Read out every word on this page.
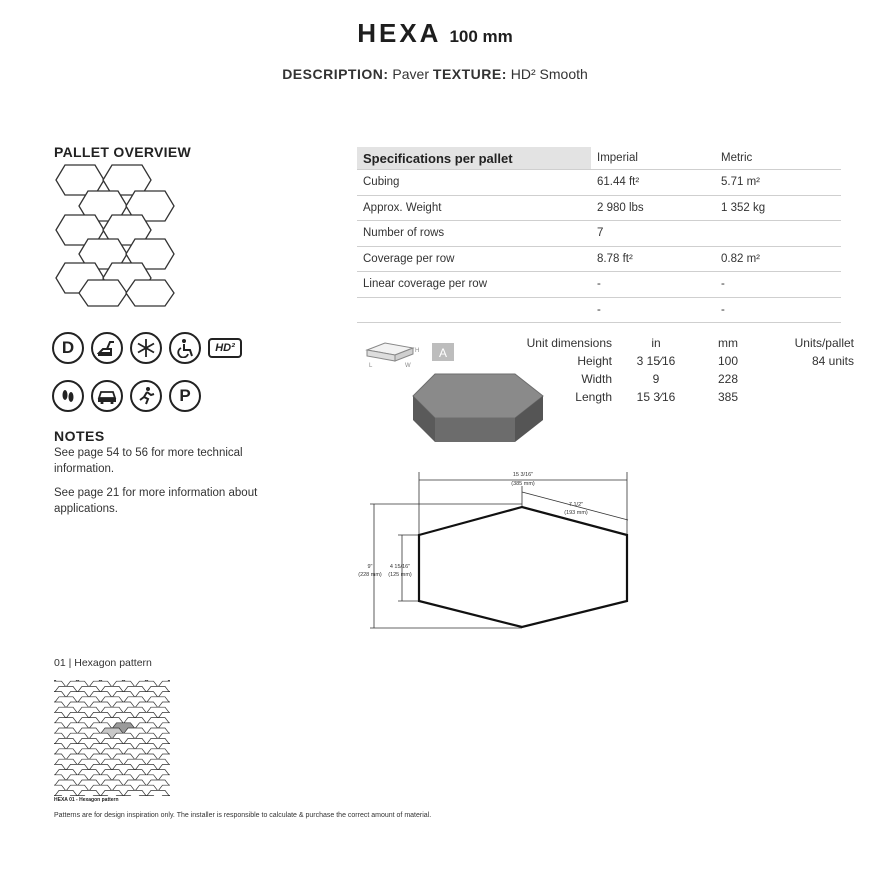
HEXA 100 mm
DESCRIPTION: Paver TEXTURE: HD² Smooth
PALLET OVERVIEW
D	HD²
P
NOTES
See page 54 to 56 for more technical information.
See page 21 for more information about applications.
Specifications per pallet	Imperial	Metric
Cubing	61.44 ft²	5.71 m²
Approx. Weight	2 980 lbs	1 352 kg
Number of rows	7	
Coverage per row	8.78 ft²	0.82 m²
Linear coverage per row	-	-
	-	-
H
L	W
A
Unit dimensions	in	mm	Units/pallet
Height	3 15⁄16	100	84 units
Width	9	228	
Length	15 3⁄16	385	
15 3/16"
(385 mm)
7 1/2"
(193 mm)
9"
(228 mm)
4 15/16"
(125 mm)
01 | Hexagon pattern
HEXA 01 - Hexagon pattern
Patterns are for design inspiration only. The installer is responsible to calculate & purchase the correct amount of material.
